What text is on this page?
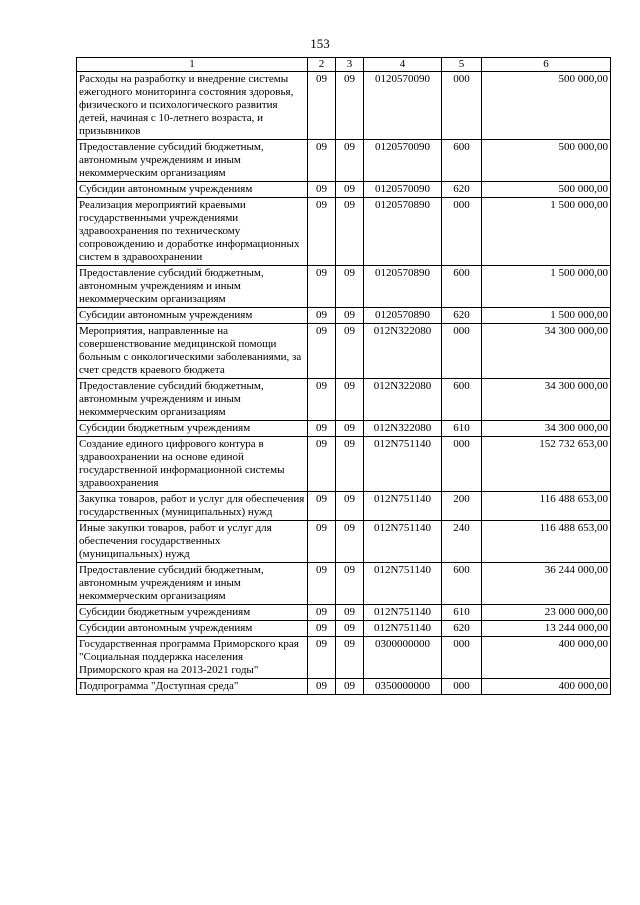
153
1	2	3	4	5	6
Расходы на разработку и внедрение системы ежегодного мониторинга состояния здоровья, физического и психологического развития детей, начиная с 10-летнего возраста, и призывников	09	09	0120570090	000	500 000,00
Предоставление субсидий бюджетным, автономным учреждениям и иным некоммерческим организациям	09	09	0120570090	600	500 000,00
Субсидии автономным учреждениям	09	09	0120570090	620	500 000,00
Реализация мероприятий краевыми государственными учреждениями здравоохранения по техническому сопровождению и доработке информационных систем в здравоохранении	09	09	0120570890	000	1 500 000,00
Предоставление субсидий бюджетным, автономным учреждениям и иным некоммерческим организациям	09	09	0120570890	600	1 500 000,00
Субсидии автономным учреждениям	09	09	0120570890	620	1 500 000,00
Мероприятия, направленные на совершенствование медицинской помощи больным с онкологическими заболеваниями, за счет средств краевого бюджета	09	09	012N322080	000	34 300 000,00
Предоставление субсидий бюджетным, автономным учреждениям и иным некоммерческим организациям	09	09	012N322080	600	34 300 000,00
Субсидии бюджетным учреждениям	09	09	012N322080	610	34 300 000,00
Создание единого цифрового контура в здравоохранении на основе единой государственной информационной системы здравоохранения	09	09	012N751140	000	152 732 653,00
Закупка товаров, работ и услуг для обеспечения государственных (муниципальных) нужд	09	09	012N751140	200	116 488 653,00
Иные закупки товаров, работ и услуг для обеспечения государственных (муниципальных) нужд	09	09	012N751140	240	116 488 653,00
Предоставление субсидий бюджетным, автономным учреждениям и иным некоммерческим организациям	09	09	012N751140	600	36 244 000,00
Субсидии бюджетным учреждениям	09	09	012N751140	610	23 000 000,00
Субсидии автономным учреждениям	09	09	012N751140	620	13 244 000,00
Государственная программа Приморского края "Социальная поддержка населения Приморского края на 2013-2021 годы"	09	09	0300000000	000	400 000,00
Подпрограмма "Доступная среда"	09	09	0350000000	000	400 000,00
